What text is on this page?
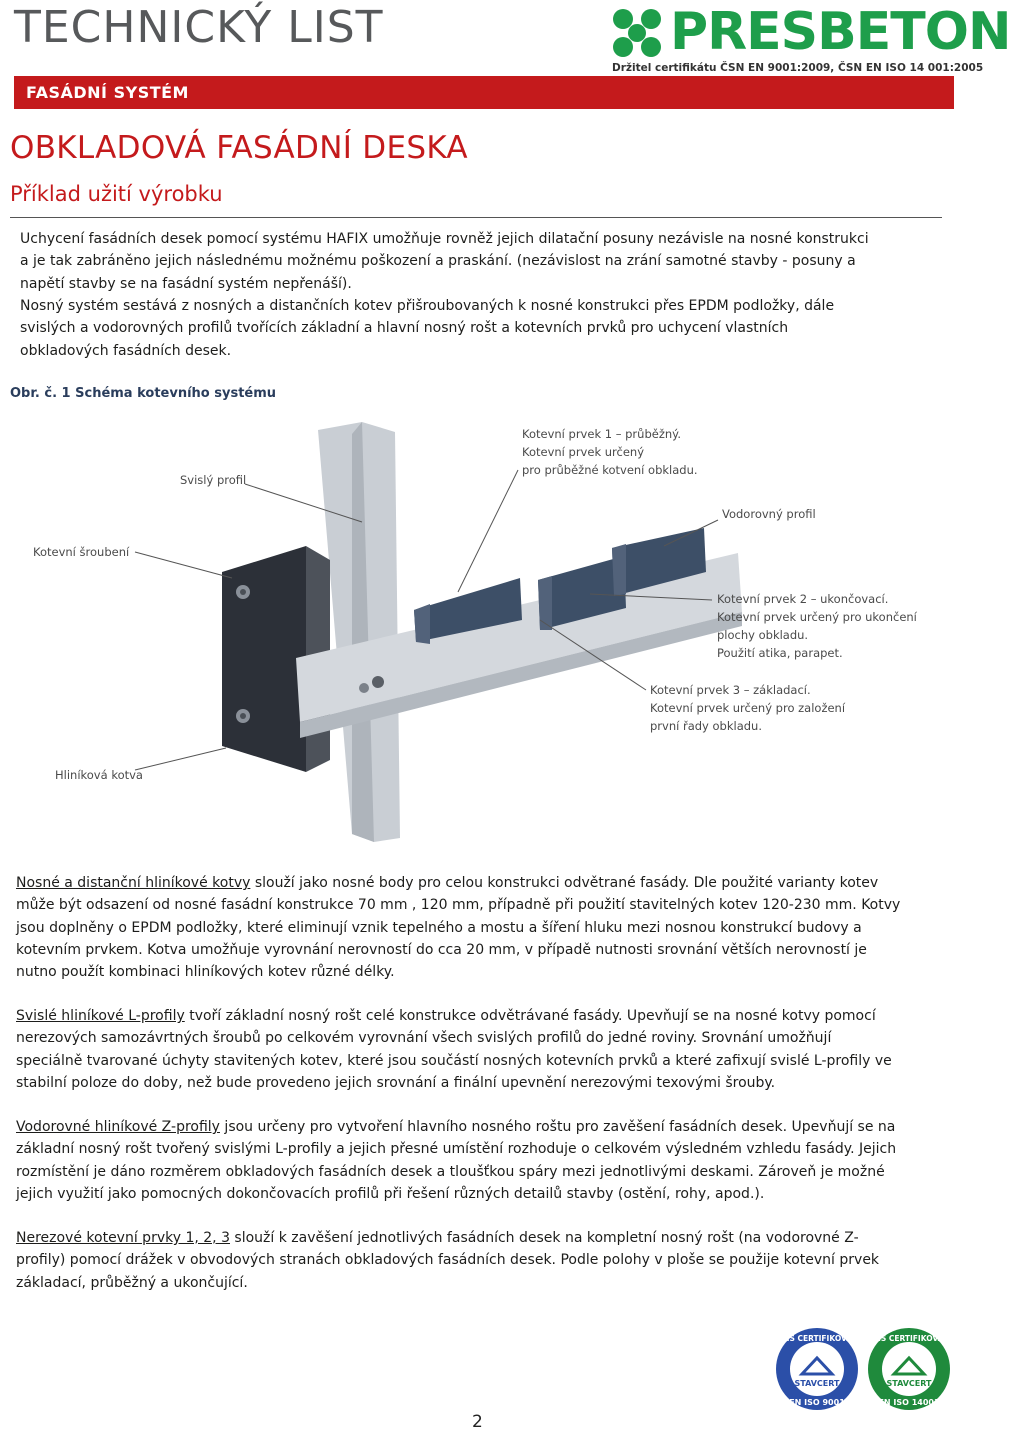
TECHNICKÝ LIST
FASÁDNÍ SYSTÉM
PRESBETON
Držitel certifikátu ČSN EN 9001:2009, ČSN EN ISO 14 001:2005
OBKLADOVÁ FASÁDNÍ DESKA
Příklad užití výrobku
Uchycení fasádních desek pomocí systému HAFIX umožňuje rovněž jejich dilatační posuny nezávisle na nosné konstrukci a je tak zabráněno jejich následnému možnému poškození a praskání. (nezávislost na zrání samotné stavby - posuny a napětí stavby se na fasádní systém nepřenáší).
Nosný systém sestává z nosných a distančních kotev přišroubovaných k nosné konstrukci přes EPDM podložky, dále svislých a vodorovných profilů tvořících základní a hlavní nosný rošt a kotevních prvků pro uchycení vlastních obkladových fasádních desek.
Obr. č. 1 Schéma kotevního systému
Svislý profil
Kotevní šroubení
Hliníková kotva
Vodorovný profil
Kotevní prvek 1 – průběžný.
Kotevní prvek určený
pro průběžné kotvení obkladu.
Kotevní prvek 2 – ukončovací.
Kotevní prvek určený pro ukončení
plochy obkladu.
Použití atika, parapet.
Kotevní prvek 3 – základací.
Kotevní prvek určený pro založení
první řady obkladu.
Nosné a distanční hliníkové kotvy slouží jako nosné body pro celou konstrukci odvětrané fasády. Dle použité varianty kotev může být odsazení od nosné fasádní konstrukce 70 mm , 120 mm, případně při použití stavitelných kotev 120-230 mm. Kotvy jsou doplněny o EPDM podložky, které eliminují vznik tepelného a mostu a šíření hluku mezi nosnou konstrukcí budovy a kotevním prvkem. Kotva umožňuje vyrovnání nerovností do cca 20 mm, v případě nutnosti srovnání větších nerovností je nutno použít kombinaci hliníkových kotev různé délky.
Svislé hliníkové L-profily tvoří základní nosný rošt celé konstrukce odvětrávané fasády. Upevňují se na nosné kotvy pomocí nerezových samozávrtných šroubů po celkovém vyrovnání všech svislých profilů do jedné roviny. Srovnání umožňují speciálně tvarované úchyty stavitených kotev, které jsou součástí nosných kotevních prvků a které zafixují svislé L-profily ve stabilní poloze do doby, než bude provedeno jejich srovnání a finální upevnění nerezovými texovými šrouby.
Vodorovné hliníkové Z-profily jsou určeny pro vytvoření hlavního nosného roštu pro zavěšení fasádních desek. Upevňují se na základní nosný rošt tvořený svislými L-profily a jejich přesné umístění rozhoduje o celkovém výsledném vzhledu fasády. Jejich rozmístění je dáno rozměrem obkladových fasádních desek a tloušťkou spáry mezi jednotlivými deskami. Zároveň je možné jejich využití jako pomocných dokončovacích profilů při řešení různých detailů stavby (ostění, rohy, apod.).
Nerezové kotevní prvky 1, 2, 3 slouží k zavěšení jednotlivých fasádních desek na kompletní nosný rošt (na vodorovné Z-profily) pomocí drážek v obvodových stranách obkladových fasádních desek. Podle polohy v ploše se použije kotevní prvek základací, průběžný a ukončující.
STAVCERT
QMS CERTIFIKOVÁN
EN ISO 9001
STAVCERT
EMS CERTIFIKOVÁN
EN ISO 14001
2
